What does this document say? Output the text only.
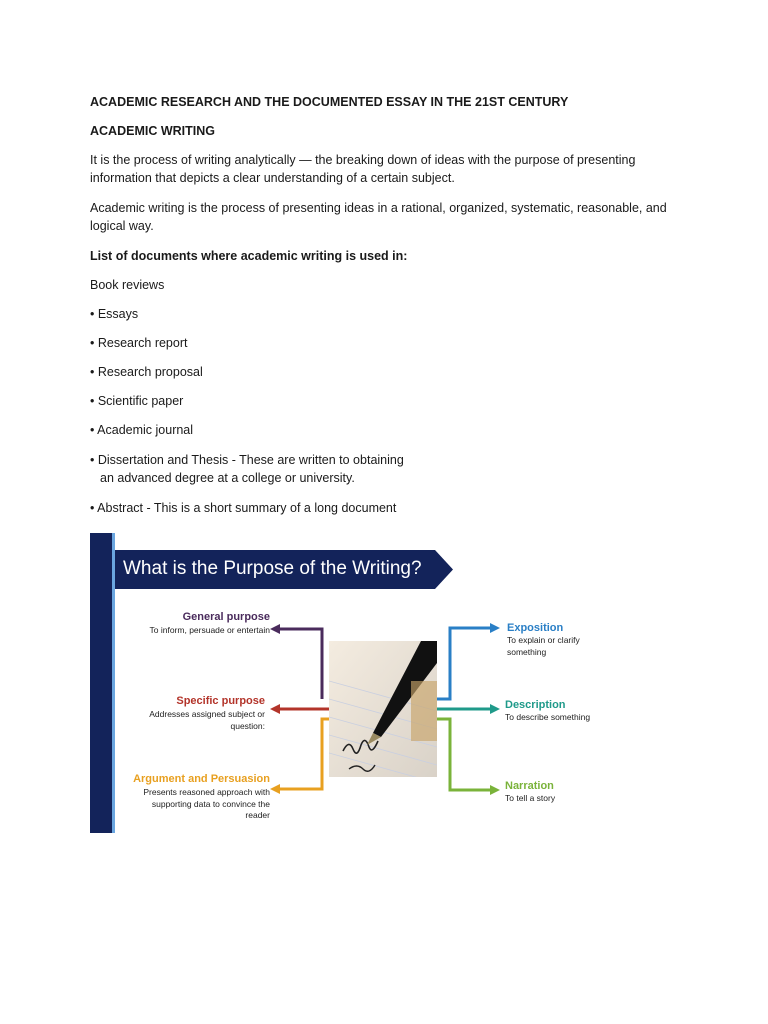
ACADEMIC RESEARCH AND THE DOCUMENTED ESSAY IN THE 21ST CENTURY
ACADEMIC WRITING
It is the process of writing analytically — the breaking down of ideas with the purpose of presenting
information that depicts a clear understanding of a certain subject.
Academic writing is the process of presenting ideas in a rational, organized, systematic, reasonable, and
logical way.
List of documents where academic writing is used in:
Book reviews
• Essays
• Research report
• Research proposal
• Scientific paper
• Academic journal
• Dissertation and Thesis - These are written to obtaining
an advanced degree at a college or university.
• Abstract - This is a short summary of a long document
What is the Purpose of the Writing?
General purpose
To inform, persuade or entertain
Specific purpose
Addresses assigned subject or question:
Argument and Persuasion
Presents reasoned approach with supporting data to convince the reader
Exposition
To explain or clarify something
Description
To describe something
Narration
To tell a story
